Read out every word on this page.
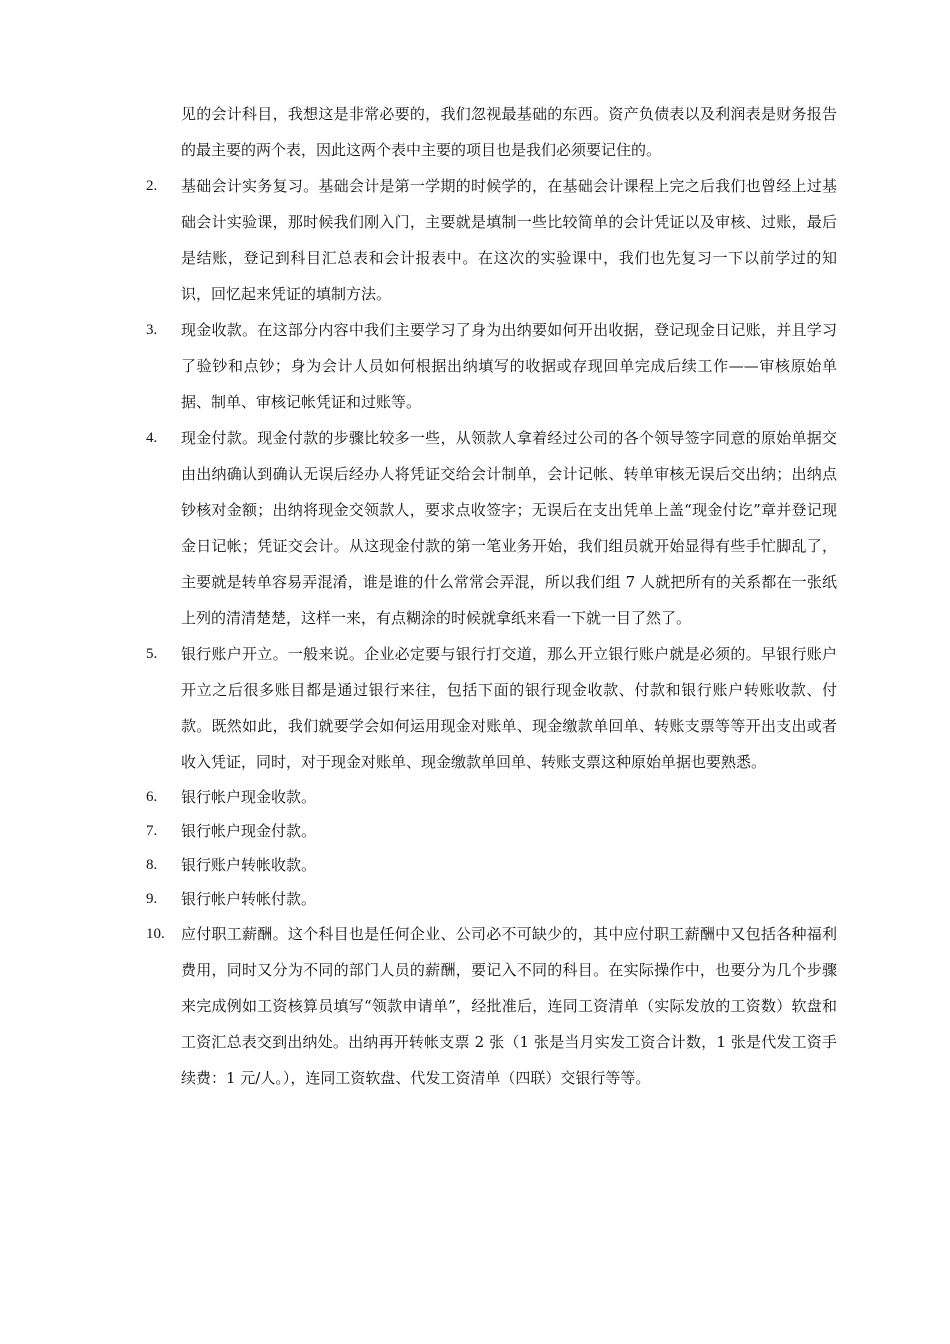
见的会计科目，我想这是非常必要的，我们忽视最基础的东西。资产负债表以及利润表是财务报告的最主要的两个表，因此这两个表中主要的项目也是我们必须要记住的。
2. 基础会计实务复习。基础会计是第一学期的时候学的，在基础会计课程上完之后我们也曾经上过基础会计实验课，那时候我们刚入门，主要就是填制一些比较简单的会计凭证以及审核、过账，最后是结账，登记到科目汇总表和会计报表中。在这次的实验课中，我们也先复习一下以前学过的知识，回忆起来凭证的填制方法。
3. 现金收款。在这部分内容中我们主要学习了身为出纳要如何开出收据，登记现金日记账，并且学习了验钞和点钞；身为会计人员如何根据出纳填写的收据或存现回单完成后续工作——审核原始单据、制单、审核记帐凭证和过账等。
4. 现金付款。现金付款的步骤比较多一些，从领款人拿着经过公司的各个领导签字同意的原始单据交由出纳确认到确认无误后经办人将凭证交给会计制单，会计记帐、转单审核无误后交出纳；出纳点钞核对金额；出纳将现金交领款人，要求点收签字；无误后在支出凭单上盖“现金付讫”章并登记现金日记帐；凭证交会计。从这现金付款的第一笔业务开始，我们组员就开始显得有些手忙脚乱了，主要就是转单容易弄混淆，谁是谁的什么常常会弄混，所以我们组 7 人就把所有的关系都在一张纸上列的清清楚楚，这样一来，有点糊涂的时候就拿纸来看一下就一目了然了。
5. 银行账户开立。一般来说。企业必定要与银行打交道，那么开立银行账户就是必须的。早银行账户开立之后很多账目都是通过银行来往，包括下面的银行现金收款、付款和银行账户转账收款、付款。既然如此，我们就要学会如何运用现金对账单、现金缴款单回单、转账支票等等开出支出或者收入凭证，同时，对于现金对账单、现金缴款单回单、转账支票这种原始单据也要熟悉。
6. 银行帐户现金收款。
7. 银行帐户现金付款。
8. 银行账户转帐收款。
9. 银行帐户转帐付款。
10. 应付职工薪酬。这个科目也是任何企业、公司必不可缺少的，其中应付职工薪酬中又包括各种福利费用，同时又分为不同的部门人员的薪酬，要记入不同的科目。在实际操作中，也要分为几个步骤来完成例如工资核算员填写“领款申请单”，经批准后，连同工资清单（实际发放的工资数）软盘和工资汇总表交到出纳处。出纳再开转帐支票 2 张（1 张是当月实发工资合计数，1 张是代发工资手续费：1 元/人。），连同工资软盘、代发工资清单（四联）交银行等等。
